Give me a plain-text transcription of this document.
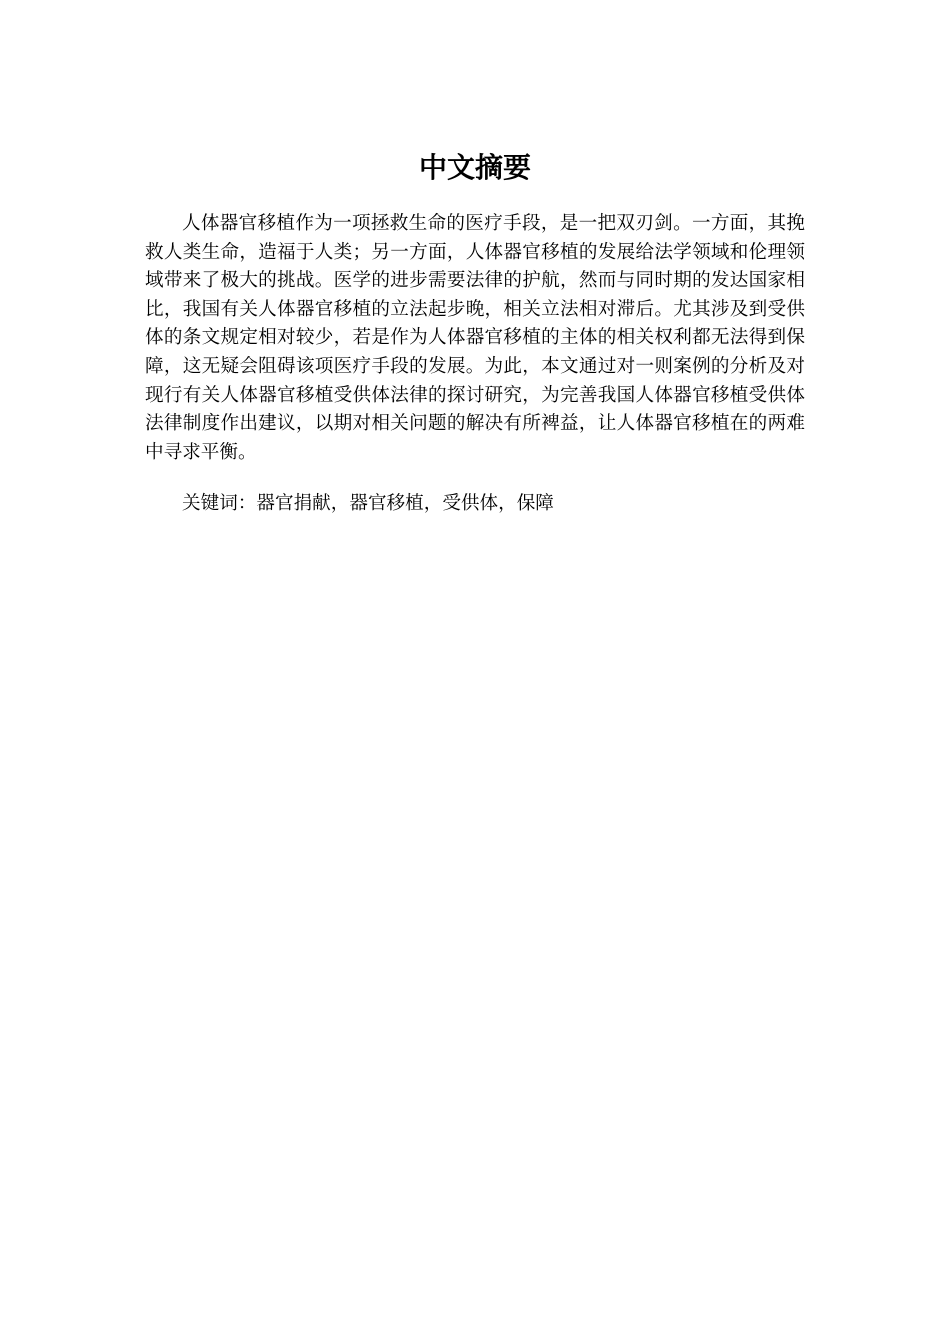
中文摘要

人体器官移植作为一项拯救生命的医疗手段，是一把双刃剑。一方面，其挽救人类生命，造福于人类；另一方面，人体器官移植的发展给法学领域和伦理领域带来了极大的挑战。医学的进步需要法律的护航，然而与同时期的发达国家相比，我国有关人体器官移植的立法起步晚，相关立法相对滞后。尤其涉及到受供体的条文规定相对较少，若是作为人体器官移植的主体的相关权利都无法得到保障，这无疑会阻碍该项医疗手段的发展。为此，本文通过对一则案例的分析及对现行有关人体器官移植受供体法律的探讨研究，为完善我国人体器官移植受供体法律制度作出建议，以期对相关问题的解决有所裨益，让人体器官移植在的两难中寻求平衡。

关键词：器官捐献，器官移植，受供体，保障
